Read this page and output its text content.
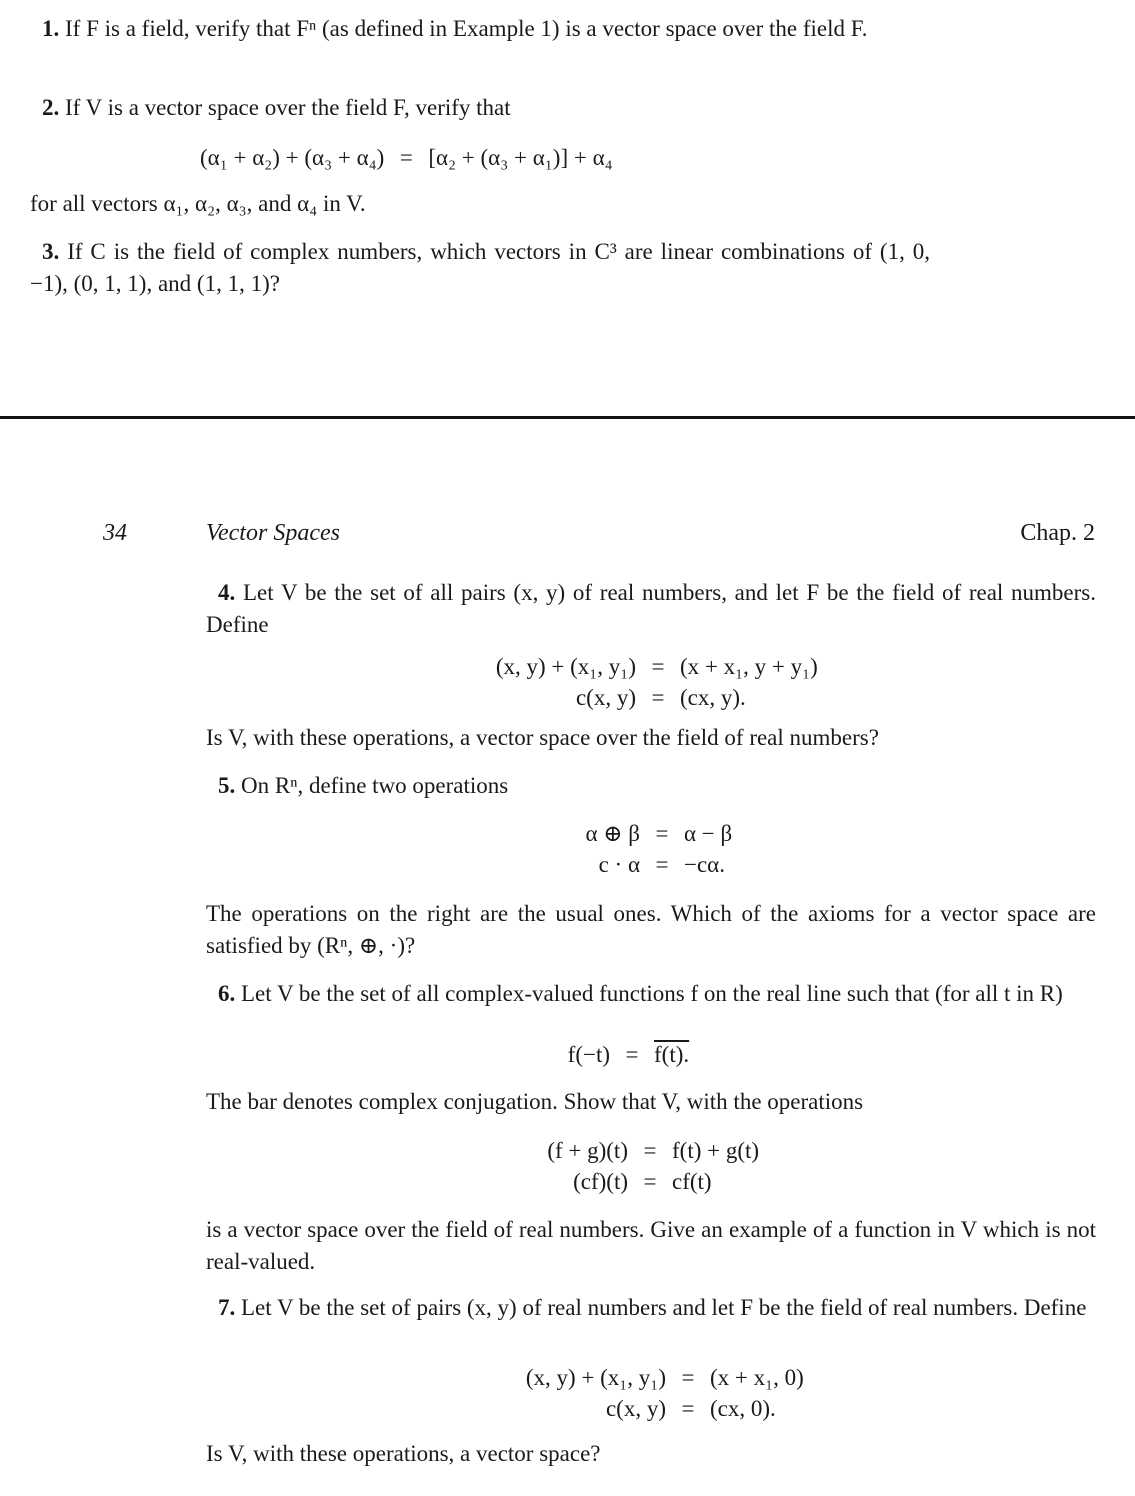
1. If F is a field, verify that Fⁿ (as defined in Example 1) is a vector space over the field F.

2. If V is a vector space over the field F, verify that

(α₁ + α₂) + (α₃ + α₄) = [α₂ + (α₃ + α₁)] + α₄

for all vectors α₁, α₂, α₃, and α₄ in V.

3. If C is the field of complex numbers, which vectors in C³ are linear combinations of (1, 0, −1), (0, 1, 1), and (1, 1, 1)?

34	Vector Spaces	Chap. 2

4. Let V be the set of all pairs (x, y) of real numbers, and let F be the field of real numbers. Define

(x, y) + (x₁, y₁) = (x + x₁, y + y₁)
c(x, y) = (cx, y).

Is V, with these operations, a vector space over the field of real numbers?

5. On Rⁿ, define two operations

α ⊕ β = α − β
c · α = −cα.

The operations on the right are the usual ones. Which of the axioms for a vector space are satisfied by (Rⁿ, ⊕, ·)?

6. Let V be the set of all complex-valued functions f on the real line such that (for all t in R)

f(−t) = f(t).

The bar denotes complex conjugation. Show that V, with the operations

(f + g)(t) = f(t) + g(t)
(cf)(t) = cf(t)

is a vector space over the field of real numbers. Give an example of a function in V which is not real-valued.

7. Let V be the set of pairs (x, y) of real numbers and let F be the field of real numbers. Define

(x, y) + (x₁, y₁) = (x + x₁, 0)
c(x, y) = (cx, 0).

Is V, with these operations, a vector space?
